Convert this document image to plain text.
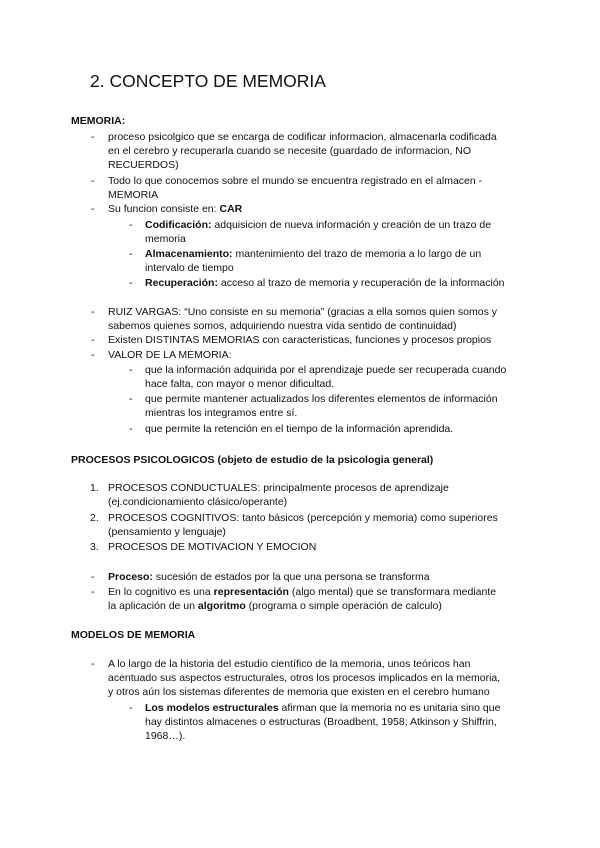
2. CONCEPTO DE MEMORIA
MEMORIA:
- proceso psicolgico que se encarga de codificar informacion, almacenarla codificada
en el cerebro y recuperarla cuando se necesite (guardado de informacion, NO
RECUERDOS)
- Todo lo que conocemos sobre el mundo se encuentra registrado en el almacen -
MEMORIA
- Su funcion consiste en: CAR
- Codificación: adquisicion de nueva información y creación de un trazo de
memoria
- Almacenamiento: mantenimiento del trazo de memoria a lo largo de un
intervalo de tiempo
- Recuperación: acceso al trazo de memoria y recuperación de la información
- RUIZ VARGAS: “Uno consiste en su memoria” (gracias a ella somos quien somos y
sabemos quienes somos, adquiriendo nuestra vida sentido de continuidad)
- Existen DISTINTAS MEMORIAS con caracteristicas, funciones y procesos propios
- VALOR DE LA MEMORIA:
- que la información adquirida por el aprendizaje puede ser recuperada cuando
hace falta, con mayor o menor dificultad.
- que permite mantener actualizados los diferentes elementos de información
mientras los integramos entre sí.
- que permite la retención en el tiempo de la información aprendida.
PROCESOS PSICOLOGICOS (objeto de estudio de la psicologia general)
1. PROCESOS CONDUCTUALES: principalmente procesos de aprendizaje
(ej.condicionamiento clásico/operante)
2. PROCESOS COGNITIVOS: tanto básicos (percepción y memoria) como superiores
(pensamiento y lenguaje)
3. PROCESOS DE MOTIVACION Y EMOCION
- Proceso: sucesión de estados por la que una persona se transforma
- En lo cognitivo es una representación (algo mental) que se transformara mediante
la aplicación de un algoritmo (programa o simple operación de calculo)
MODELOS DE MEMORIA
- A lo largo de la historia del estudio científico de la memoria, unos teóricos han
acentuado sus aspectos estructurales, otros los procesos implicados en la memoria,
y otros aún los sistemas diferentes de memoria que existen en el cerebro humano
- Los modelos estructurales afirman que la memoria no es unitaria sino que
hay distintos almacenes o estructuras (Broadbent, 1958; Atkinson y Shiffrin,
1968…).
